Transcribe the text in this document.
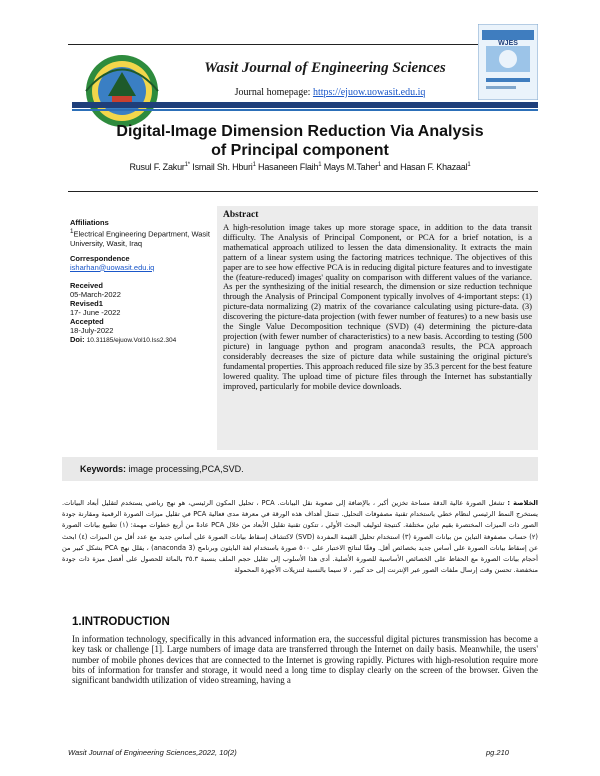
Wasit Journal of Engineering Sciences
Journal homepage: https://ejuow.uowasit.edu.iq
WJES
Digital-Image Dimension Reduction Via Analysis
of Principal component
Rusul F. Zakur$^{1*}$ Ismail Sh. Hburi$^1$ Hasaneen Flaih$^1$ Mays M.Taher$^1$ and Hasan F. Khazaal$^1$
Affiliations
$^1$Electrical Engineering Department, Wasit University, Wasit, Iraq
Correspondence
isharhan@uowasit.edu.iq
Received
05-March-2022
Revised1
17- June -2022
Accepted
18-July-2022
Doi: 10.31185/ejuow.Vol10.Iss2.304
Abstract
A high-resolution image takes up more storage space, in addition to the data transit difficulty. The Analysis of Principal Component, or PCA for a brief notation, is a mathematical approach utilized to lessen the data dimensionality. It extracts the main pattern of a linear system using the factoring matrices technique. The objectives of this paper are to see how effective PCA is in reducing digital picture features and to investigate the (feature-reduced) images' quality on comparison with different values of the variance. As per the synthesizing of the initial research, the dimension or size reduction technique through the Analysis of Principal Component typically involves of 4-important steps: (1) picture-data normalizing (2) matrix of the covariance calculating using picture-data. (3) discovering the picture-data projection (with fewer number of features) to a new basis use the Single Value Decomposition technique (SVD) (4) determining the picture-data projection (with fewer number of characteristics) to a new basis. According to testing (500 picture) in language python and program anaconda3 results, the PCA approach considerably decreases the size of picture data while sustaining the original picture's fundamental properties. This approach reduced file size by 35.3 percent for the best feature lowered quality. The upload time of picture files through the Internet has substantially improved, particularly for mobile device downloads.
Keywords: image processing,PCA,SVD.
الخلاصة : تشغل الصورة عالية الدقة مساحة تخزين أكبر ، بالإضافة إلى صعوبة نقل البيانات. PCA ، تحليل المكون الرئيسي، هو نهج رياضي يستخدم لتقليل أبعاد البيانات. يستخرج النمط الرئيسي لنظام خطي باستخدام تقنية مصفوفات التحليل. تتمثل أهداف هذه الورقة في معرفة مدى فعالية PCA في تقليل ميزات الصورة الرقمية ومقارنة جودة الصور ذات الميزات المختصرة بقيم تباين مختلفة. كنتيجة لتوليف البحث الأولي ، تتكون تقنية تقليل الأبعاد من خلال PCA عادةً من أربع خطوات مهمة: (١) تطبيع بيانات الصورة (٢) حساب مصفوفة التباين من بيانات الصورة (٣) استخدام تحليل القيمة المفردة (SVD) لاكتشاف إسقاط بيانات الصورة على أساس جديد مع عدد أقل من الميزات (٤) ابحث عن إسقاط بيانات الصورة على أساس جديد بخصائص أقل. وفقًا لنتائج الاختبار على ٥٠٠ صورة باستخدام لغة البايثون وبرنامج (anaconda 3) ، يقلل نهج PCA بشكل كبير من أحجام بيانات الصورة مع الحفاظ على الخصائص الأساسية للصورة الأصلية. أدى هذا الأسلوب إلى تقليل حجم الملف بنسبة ٣٥.٣ بالمائة للحصول على أفضل ميزة ذات جودة منخفضة. تحسن وقت إرسال ملفات الصور عبر الإنترنت إلى حد كبير ، لا سيما بالنسبة لتنزيلات الأجهزة المحمولة
1.INTRODUCTION
In information technology, specifically in this advanced information era, the successful digital pictures transmission has become a key task or challenge [1]. Large numbers of image data are transferred through the Internet on daily basis. Meanwhile, the users' number of mobile phones devices that are connected to the Internet is growing rapidly. Pictures with high-resolution require more bits of information for transfer and storage, it would need a long time to display clearly on the screen of the browser. Given the significant bandwidth utilization of video streaming, having a
Wasit Journal of Engineering Sciences,2022, 10(2)	pg.210
